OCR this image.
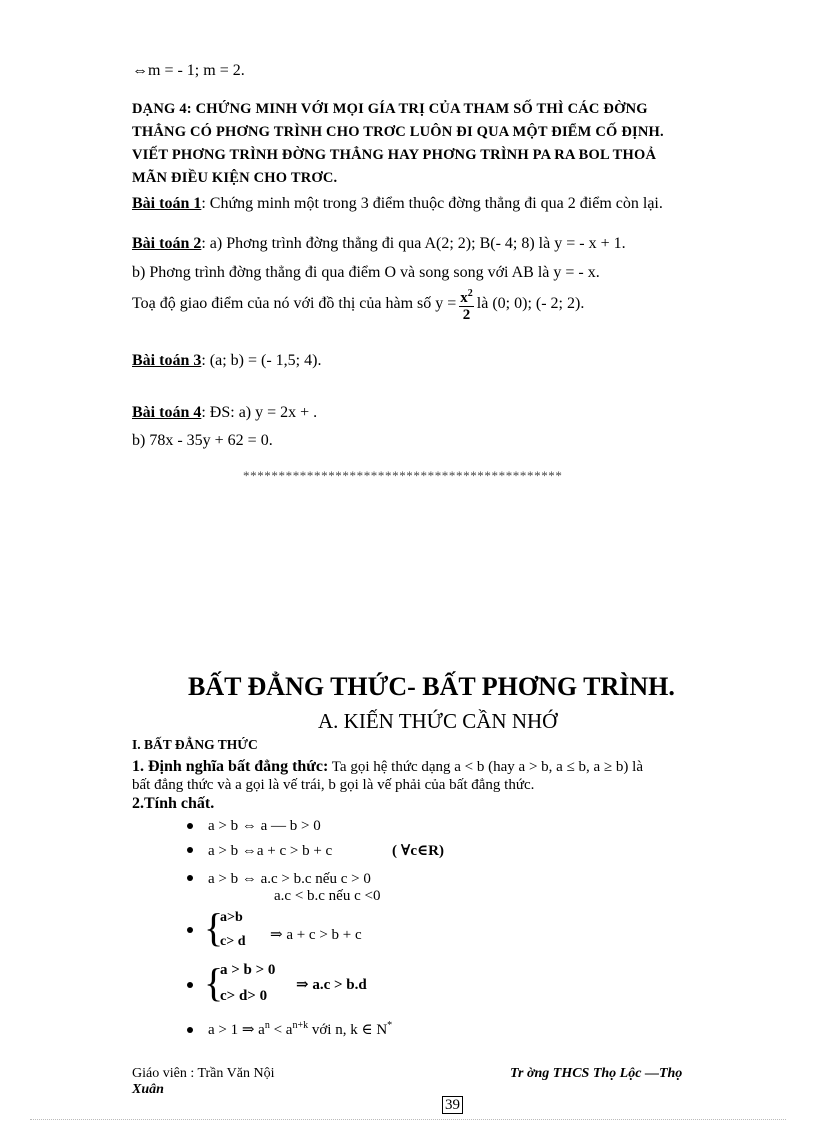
⇔m = - 1; m = 2.
DẠNG 4: CHỨNG MINH VỚI MỌI GÍA TRỊ CỦA THAM SỐ THÌ CÁC ĐỜNG
THẲNG CÓ PHƠNG TRÌNH CHO TRƠC LUÔN ĐI QUA MỘT ĐIỂM CỐ ĐỊNH.
VIẾT PHƠNG TRÌNH ĐỜNG THẲNG HAY PHƠNG TRÌNH PA RA BOL THOẢ
MÃN ĐIỀU KIỆN CHO TRƠC.
Bài toán 1: Chứng minh một trong 3 điểm thuộc đờng thẳng đi qua 2 điểm còn lại.
Bài toán 2: a) Phơng trình đờng thẳng đi qua A(2; 2); B(- 4; 8) là y = - x + 1.
b) Phơng trình đờng thẳng đi qua điểm O và song song với AB là y = - x.
Toạ độ giao điểm của nó với đồ thị của hàm số $y = \frac{x^2}{2}$ là (0; 0); (- 2; 2).
Bài toán 3: (a; b) = (- 1,5; 4).
Bài toán 4: ĐS: a) y = 2x + .
b) 78x - 35y + 62 = 0.
*********************************************
BẤT ĐẲNG THỨC- BẤT PHƠNG TRÌNH.
A. KIẾN THỨC CẦN NHỚ
I. BẤT ĐẲNG THỨC
1. Định nghĩa bất đẳng thức: Ta gọi hệ thức dạng a < b (hay a > b, a ≤ b, a ≥ b) là
bất đẳng thức và a gọi là vế trái, b gọi là vế phải của bất đẳng thức.
2.Tính chất.
a > b ⇔ a — b > 0
a > b ⇔a + c > b + c	( ∀c∈R)
a > b ⇔ a.c > b.c nếu c > 0
a.c < b.c nếu c <0
{
a>b
c> d ⇒ a + c > b + c
{
a > b > 0
c> d> 0
⇒ a.c > b.d
a > 1 ⇒ $a^n < a^{n+k}$ với n, k ∈ N*
Giáo viên : Trần Văn Nội	Tr ờng THCS Thọ Lộc —Thọ
Xuân
39
